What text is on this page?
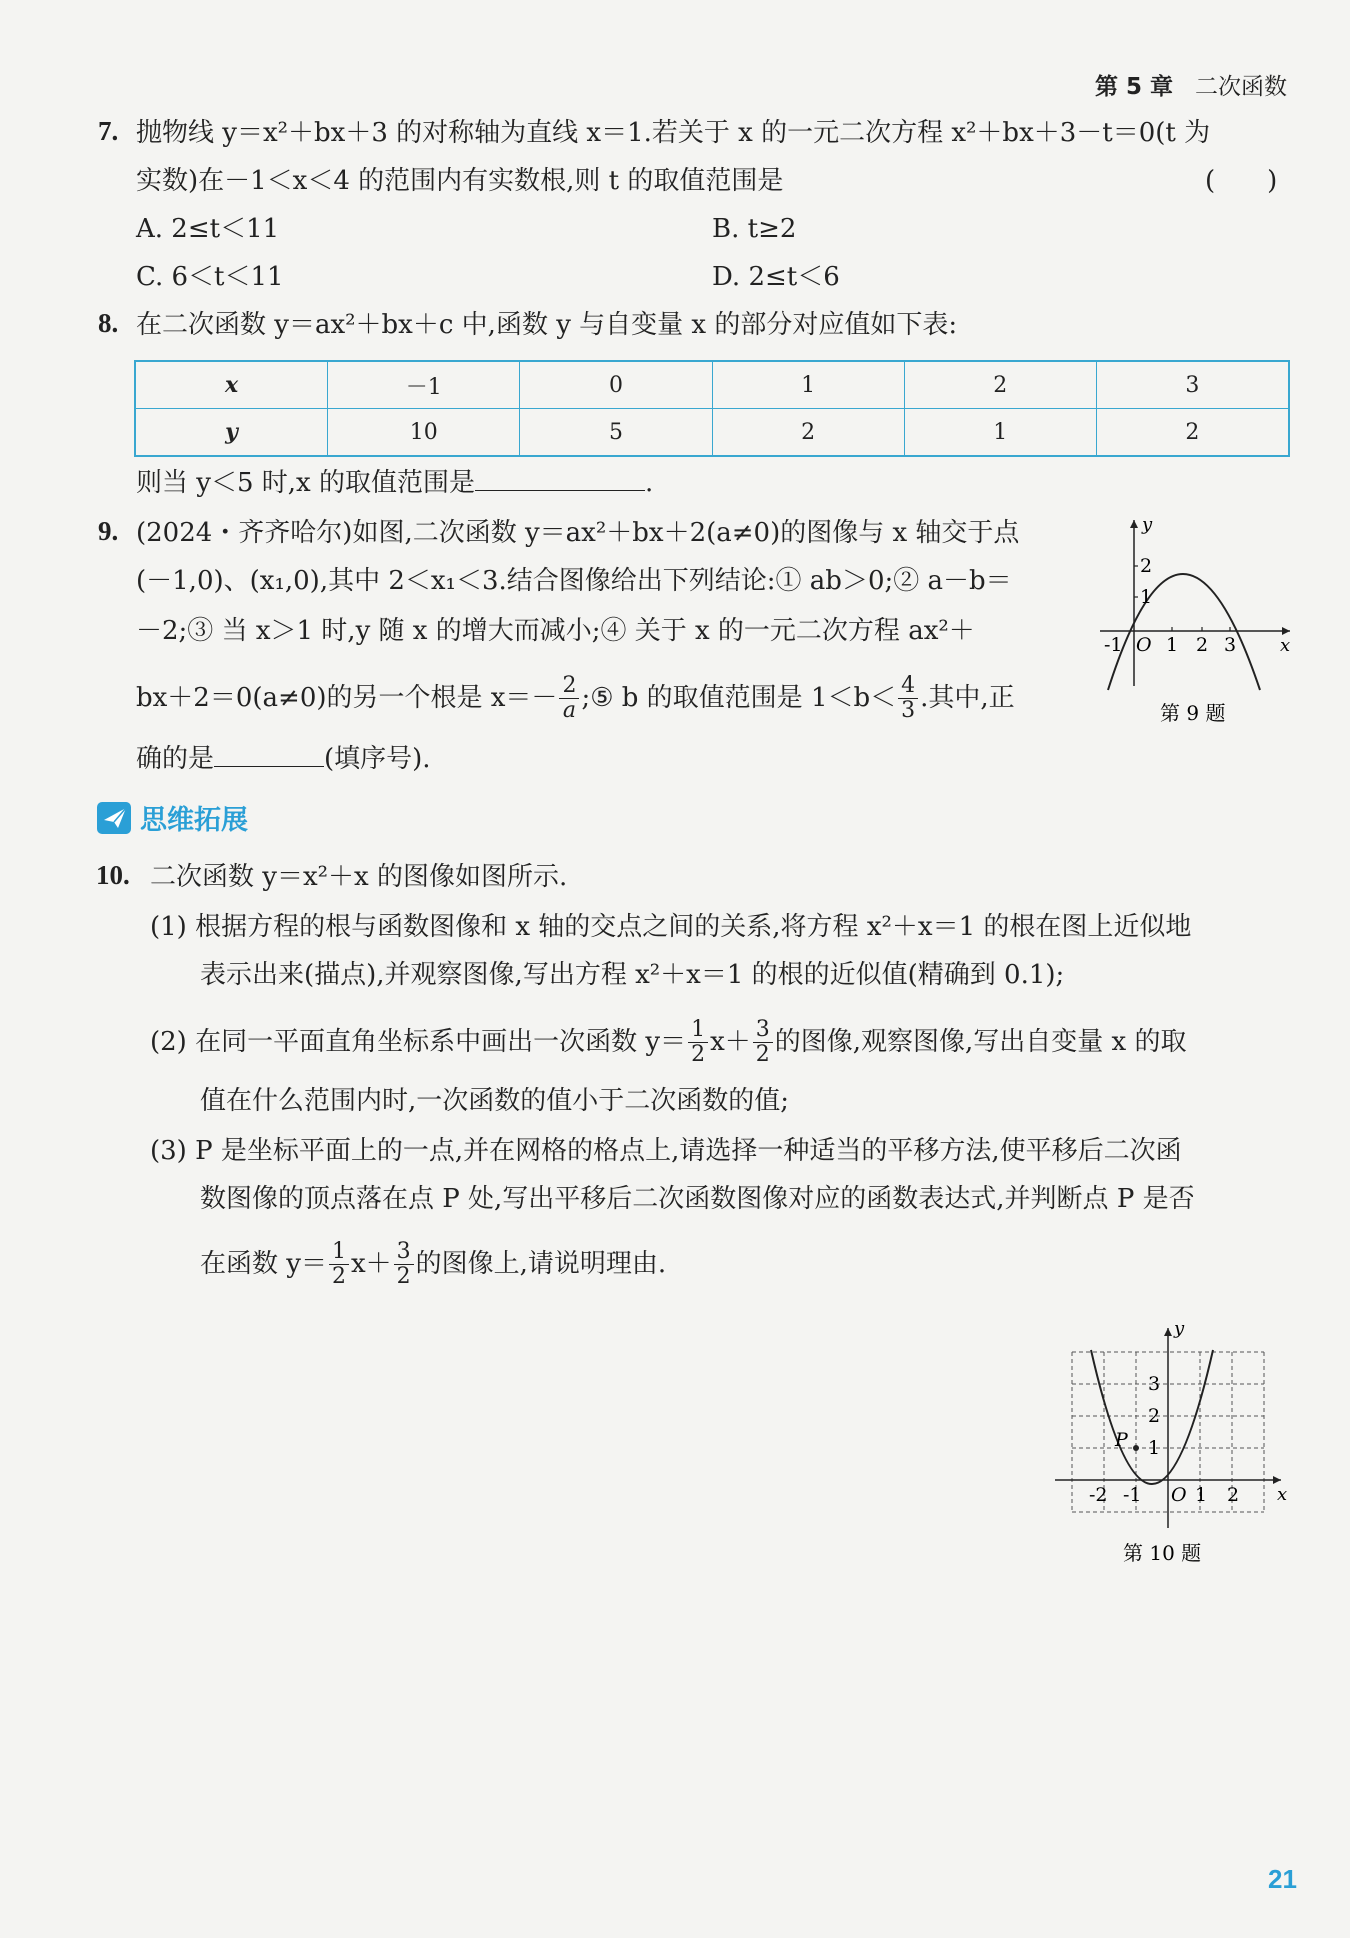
第 5 章 二次函数
7. 抛物线 y＝x²＋bx＋3 的对称轴为直线 x＝1.若关于 x 的一元二次方程 x²＋bx＋3－t＝0(t 为
实数)在－1＜x＜4 的范围内有实数根,则 t 的取值范围是	(　　)
A. 2≤t＜11	B. t≥2
C. 6＜t＜11	D. 2≤t＜6
8. 在二次函数 y＝ax²＋bx＋c 中,函数 y 与自变量 x 的部分对应值如下表:
x	－1	0	1	2	3
y	10	5	2	1	2
则当 y＜5 时,x 的取值范围是	.
9. (2024・齐齐哈尔)如图,二次函数 y＝ax²＋bx＋2(a≠0)的图像与 x 轴交于点
(－1,0)、(x₁,0),其中 2＜x₁＜3.结合图像给出下列结论:① ab＞0;② a－b＝
－2;③ 当 x＞1 时,y 随 x 的增大而减小;④ 关于 x 的一元二次方程 ax²＋
bx＋2＝0(a≠0)的另一个根是 $x=- \frac{2}{a}$ ;⑤ b 的取值范围是 $1<b< \frac{4}{3}$ .其中,正
确的是	(填序号).
y
x
O
-1 1 2 3
1
2
第 9 题
思维拓展
10. 二次函数 y＝x²＋x 的图像如图所示.
(1) 根据方程的根与函数图像和 x 轴的交点之间的关系,将方程 x²＋x＝1 的根在图上近似地
表示出来(描点),并观察图像,写出方程 x²＋x＝1 的根的近似值(精确到 0.1);
(2) 在同一平面直角坐标系中画出一次函数 $y= \frac{1}{2} x+ \frac{3}{2}$ 的图像,观察图像,写出自变量 x 的取
值在什么范围内时,一次函数的值小于二次函数的值;
(3) P 是坐标平面上的一点,并在网格的格点上,请选择一种适当的平移方法,使平移后二次函
数图像的顶点落在点 P 处,写出平移后二次函数图像对应的函数表达式,并判断点 P 是否
在函数 $y= \frac{1}{2} x+ \frac{3}{2}$ 的图像上,请说明理由.
y
x
O
P
-2 -1	1 2
1
2
3
第 10 题
21
